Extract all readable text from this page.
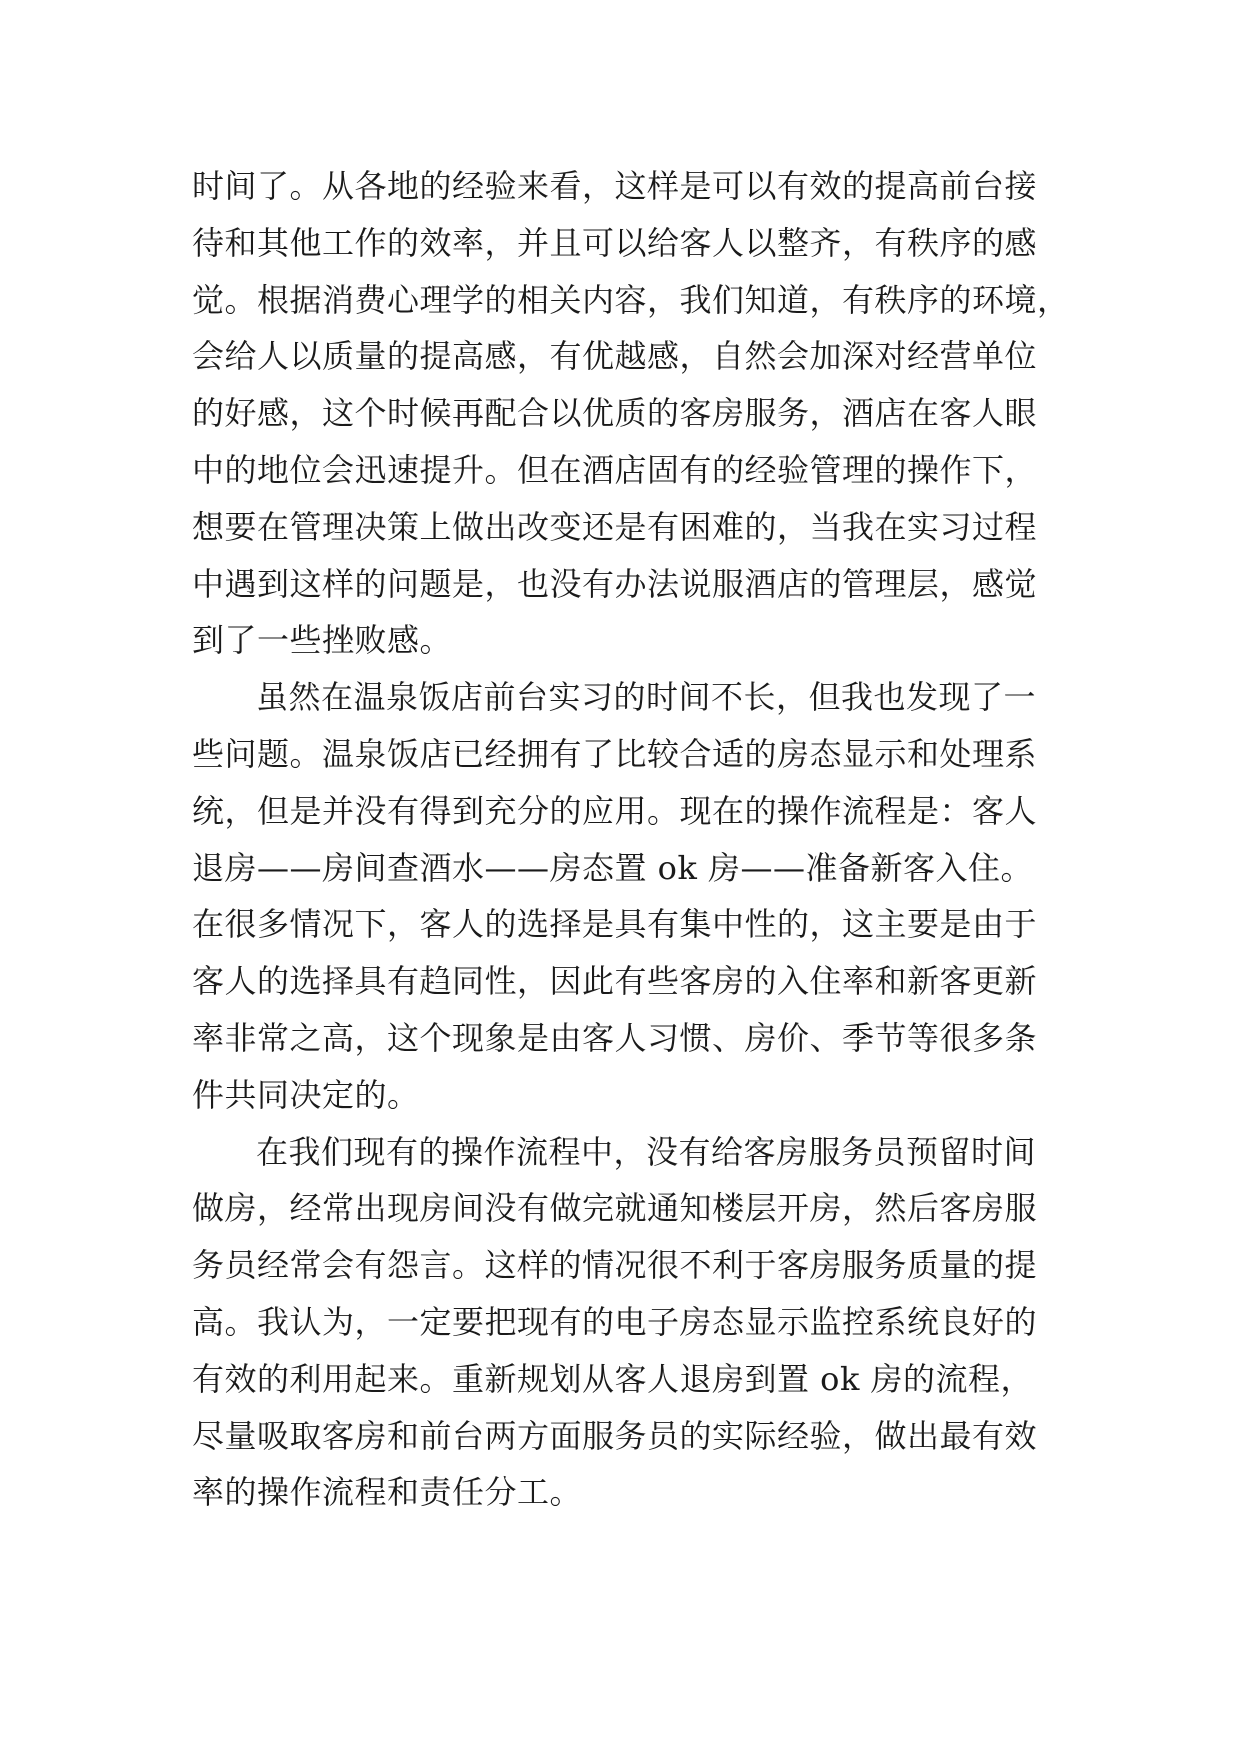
时间了。从各地的经验来看，这样是可以有效的提高前台接
待和其他工作的效率，并且可以给客人以整齐，有秩序的感
觉。根据消费心理学的相关内容，我们知道，有秩序的环境，
会给人以质量的提高感，有优越感，自然会加深对经营单位
的好感，这个时候再配合以优质的客房服务，酒店在客人眼
中的地位会迅速提升。但在酒店固有的经验管理的操作下，
想要在管理决策上做出改变还是有困难的，当我在实习过程
中遇到这样的问题是，也没有办法说服酒店的管理层，感觉
到了一些挫败感。
虽然在温泉饭店前台实习的时间不长，但我也发现了一
些问题。温泉饭店已经拥有了比较合适的房态显示和处理系
统，但是并没有得到充分的应用。现在的操作流程是：客人
退房——房间查酒水——房态置 ok 房——准备新客入住。
在很多情况下，客人的选择是具有集中性的，这主要是由于
客人的选择具有趋同性，因此有些客房的入住率和新客更新
率非常之高，这个现象是由客人习惯、房价、季节等很多条
件共同决定的。
在我们现有的操作流程中，没有给客房服务员预留时间
做房，经常出现房间没有做完就通知楼层开房，然后客房服
务员经常会有怨言。这样的情况很不利于客房服务质量的提
高。我认为，一定要把现有的电子房态显示监控系统良好的
有效的利用起来。重新规划从客人退房到置 ok 房的流程，
尽量吸取客房和前台两方面服务员的实际经验，做出最有效
率的操作流程和责任分工。
